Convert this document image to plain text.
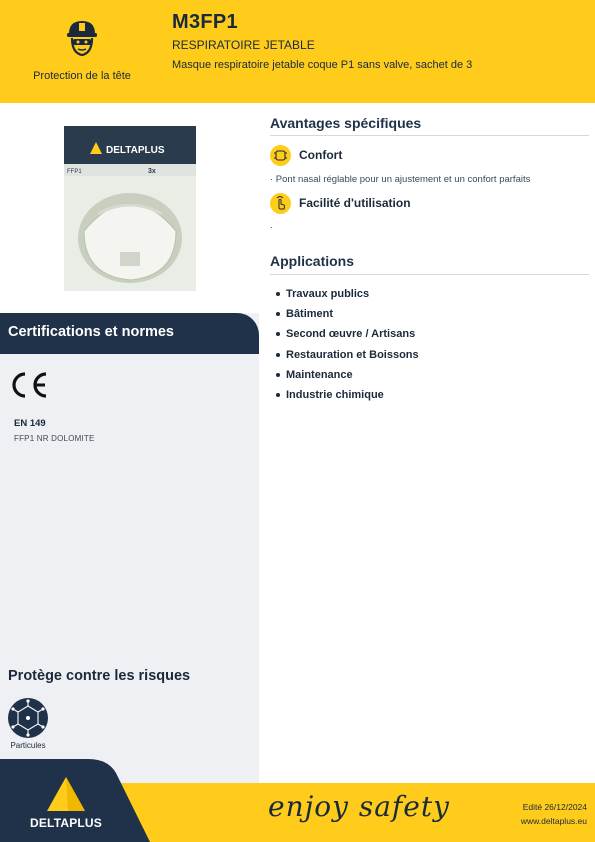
Protection de la tête
M3FP1
RESPIRATOIRE JETABLE
Masque respiratoire jetable coque P1 sans valve, sachet de 3
DELTAPLUS
FFP1	3x
Certifications et normes
EN 149
FFP1 NR DOLOMITE
Protège contre les risques
Particules
Avantages spécifiques
Confort
· Pont nasal réglable pour un ajustement et un confort parfaits
Facilité d'utilisation
.
Applications
Travaux publics
Bâtiment
Second œuvre / Artisans
Restauration et Boissons
Maintenance
Industrie chimique
DELTAPLUS	enjoy safety	Edité 26/12/2024
www.deltaplus.eu
